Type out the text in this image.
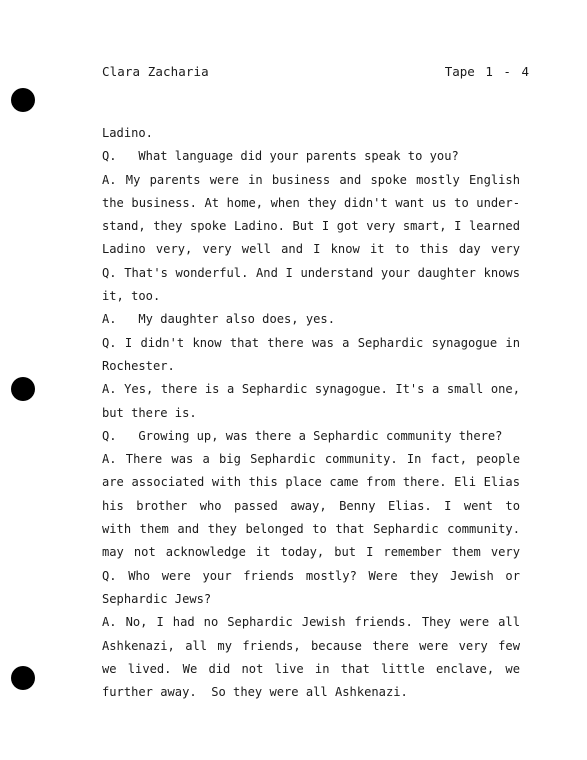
Clara Zacharia	Tape 1 - 4
Ladino.
Q.   What language did your parents speak to you?
A. My parents were in business and spoke mostly English
the business. At home, when they didn't want us to under-
stand, they spoke Ladino. But I got very smart, I learned
Ladino very, very well and I know it to this day very
Q. That's wonderful. And I understand your daughter knows
it, too.
A.   My daughter also does, yes.
Q. I didn't know that there was a Sephardic synagogue in
Rochester.
A. Yes, there is a Sephardic synagogue. It's a small one,
but there is.
Q.   Growing up, was there a Sephardic community there?
A. There was a big Sephardic community. In fact, people
are associated with this place came from there. Eli Elias
his brother who passed away, Benny Elias. I went to
with them and they belonged to that Sephardic community.
may not acknowledge it today, but I remember them very
Q. Who were your friends mostly? Were they Jewish or
Sephardic Jews?
A. No, I had no Sephardic Jewish friends. They were all
Ashkenazi, all my friends, because there were very few
we lived. We did not live in that little enclave, we
further away.  So they were all Ashkenazi.
